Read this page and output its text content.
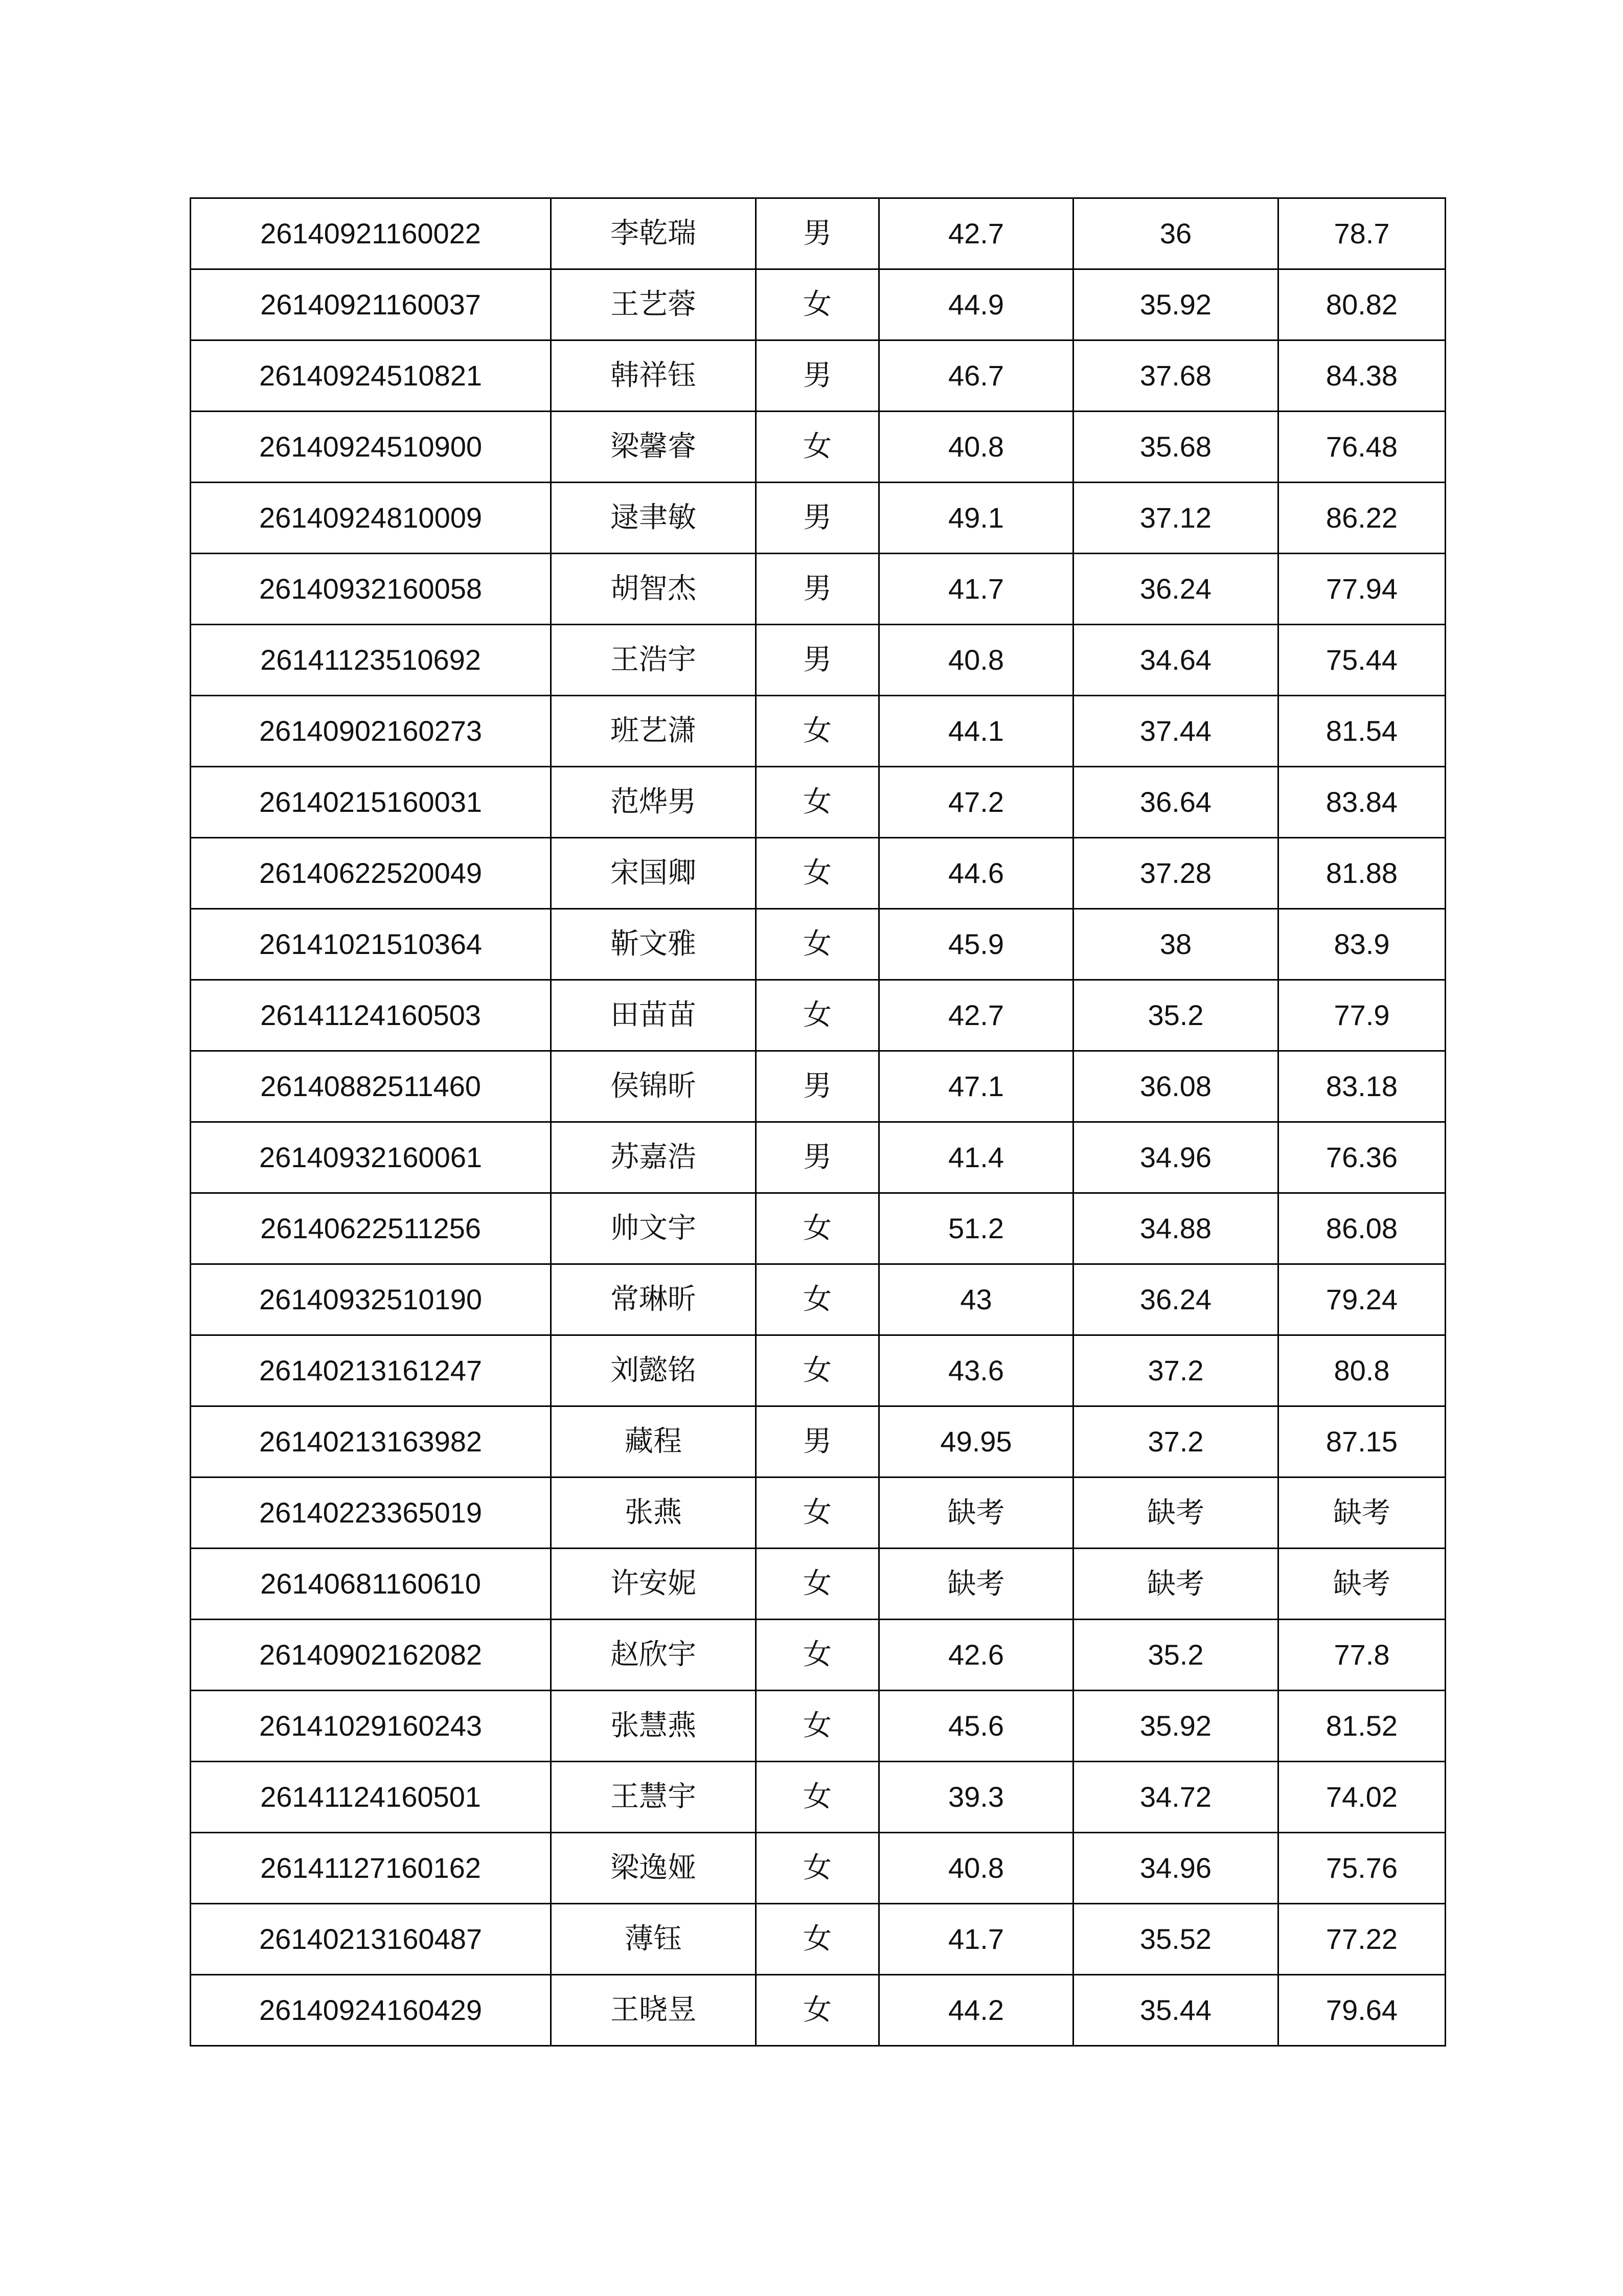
26140921160022	李乾瑞	男	42.7	36	78.7
26140921160037	王艺蓉	女	44.9	35.92	80.82
26140924510821	韩祥钰	男	46.7	37.68	84.38
26140924510900	梁馨睿	女	40.8	35.68	76.48
26140924810009	逯聿敏	男	49.1	37.12	86.22
26140932160058	胡智杰	男	41.7	36.24	77.94
26141123510692	王浩宇	男	40.8	34.64	75.44
26140902160273	班艺潇	女	44.1	37.44	81.54
26140215160031	范烨男	女	47.2	36.64	83.84
26140622520049	宋国卿	女	44.6	37.28	81.88
26141021510364	靳文雅	女	45.9	38	83.9
26141124160503	田苗苗	女	42.7	35.2	77.9
26140882511460	侯锦昕	男	47.1	36.08	83.18
26140932160061	苏嘉浩	男	41.4	34.96	76.36
26140622511256	帅文宇	女	51.2	34.88	86.08
26140932510190	常琳昕	女	43	36.24	79.24
26140213161247	刘懿铭	女	43.6	37.2	80.8
26140213163982	藏程	男	49.95	37.2	87.15
26140223365019	张燕	女	缺考	缺考	缺考
26140681160610	许安妮	女	缺考	缺考	缺考
26140902162082	赵欣宇	女	42.6	35.2	77.8
26141029160243	张慧燕	女	45.6	35.92	81.52
26141124160501	王慧宇	女	39.3	34.72	74.02
26141127160162	梁逸娅	女	40.8	34.96	75.76
26140213160487	薄钰	女	41.7	35.52	77.22
26140924160429	王晓昱	女	44.2	35.44	79.64
